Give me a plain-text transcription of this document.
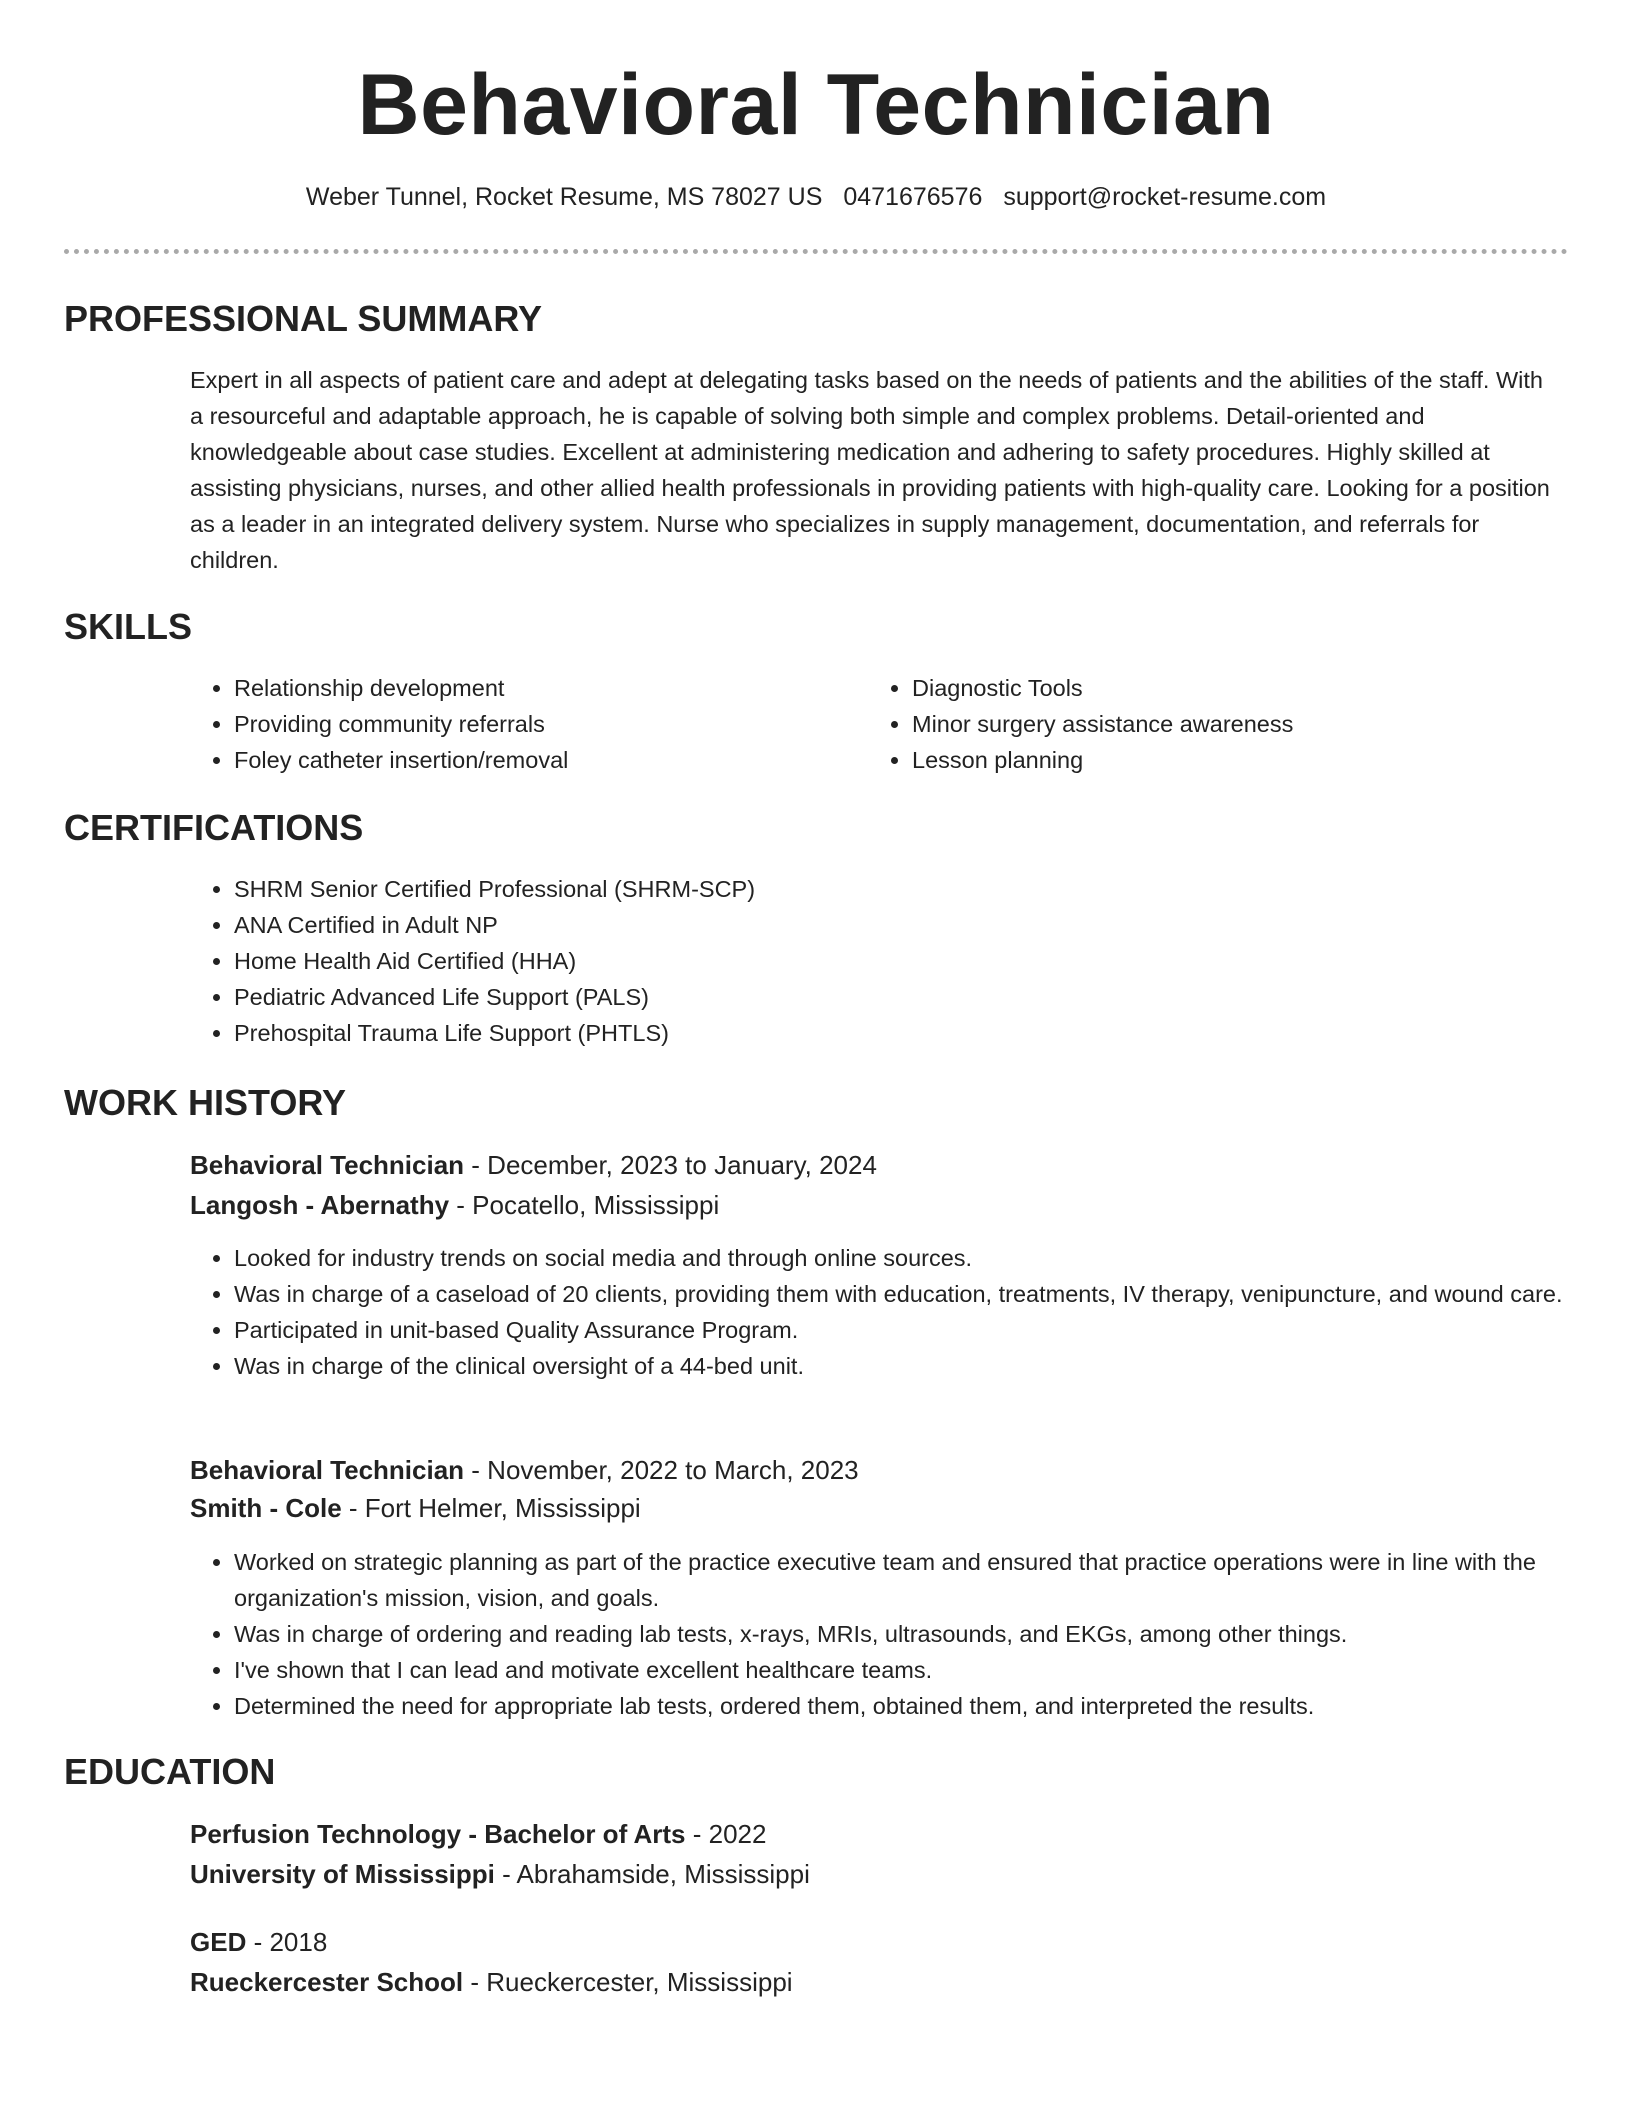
Behavioral Technician
Weber Tunnel, Rocket Resume, MS 78027 US 0471676576 support@rocket-resume.com
PROFESSIONAL SUMMARY

Expert in all aspects of patient care and adept at delegating tasks based on the needs of patients and the abilities of the staff. With a resourceful and adaptable approach, he is capable of solving both simple and complex problems. Detail-oriented and knowledgeable about case studies. Excellent at administering medication and adhering to safety procedures. Highly skilled at assisting physicians, nurses, and other allied health professionals in providing patients with high-quality care. Looking for a position as a leader in an integrated delivery system. Nurse who specializes in supply management, documentation, and referrals for children.

SKILLS
• Relationship development
• Providing community referrals
• Foley catheter insertion/removal
• Diagnostic Tools
• Minor surgery assistance awareness
• Lesson planning
CERTIFICATIONS
• SHRM Senior Certified Professional (SHRM-SCP)
• ANA Certified in Adult NP
• Home Health Aid Certified (HHA)
• Pediatric Advanced Life Support (PALS)
• Prehospital Trauma Life Support (PHTLS)
WORK HISTORY
Behavioral Technician - December, 2023 to January, 2024
Langosh - Abernathy - Pocatello, Mississippi
• Looked for industry trends on social media and through online sources.
• Was in charge of a caseload of 20 clients, providing them with education, treatments, IV therapy, venipuncture, and wound care.
• Participated in unit-based Quality Assurance Program.
• Was in charge of the clinical oversight of a 44-bed unit.
Behavioral Technician - November, 2022 to March, 2023
Smith - Cole - Fort Helmer, Mississippi
• Worked on strategic planning as part of the practice executive team and ensured that practice operations were in line with the organization's mission, vision, and goals.
• Was in charge of ordering and reading lab tests, x-rays, MRIs, ultrasounds, and EKGs, among other things.
• I've shown that I can lead and motivate excellent healthcare teams.
• Determined the need for appropriate lab tests, ordered them, obtained them, and interpreted the results.
EDUCATION
Perfusion Technology - Bachelor of Arts - 2022
University of Mississippi - Abrahamside, Mississippi
GED - 2018
Rueckercester School - Rueckercester, Mississippi
